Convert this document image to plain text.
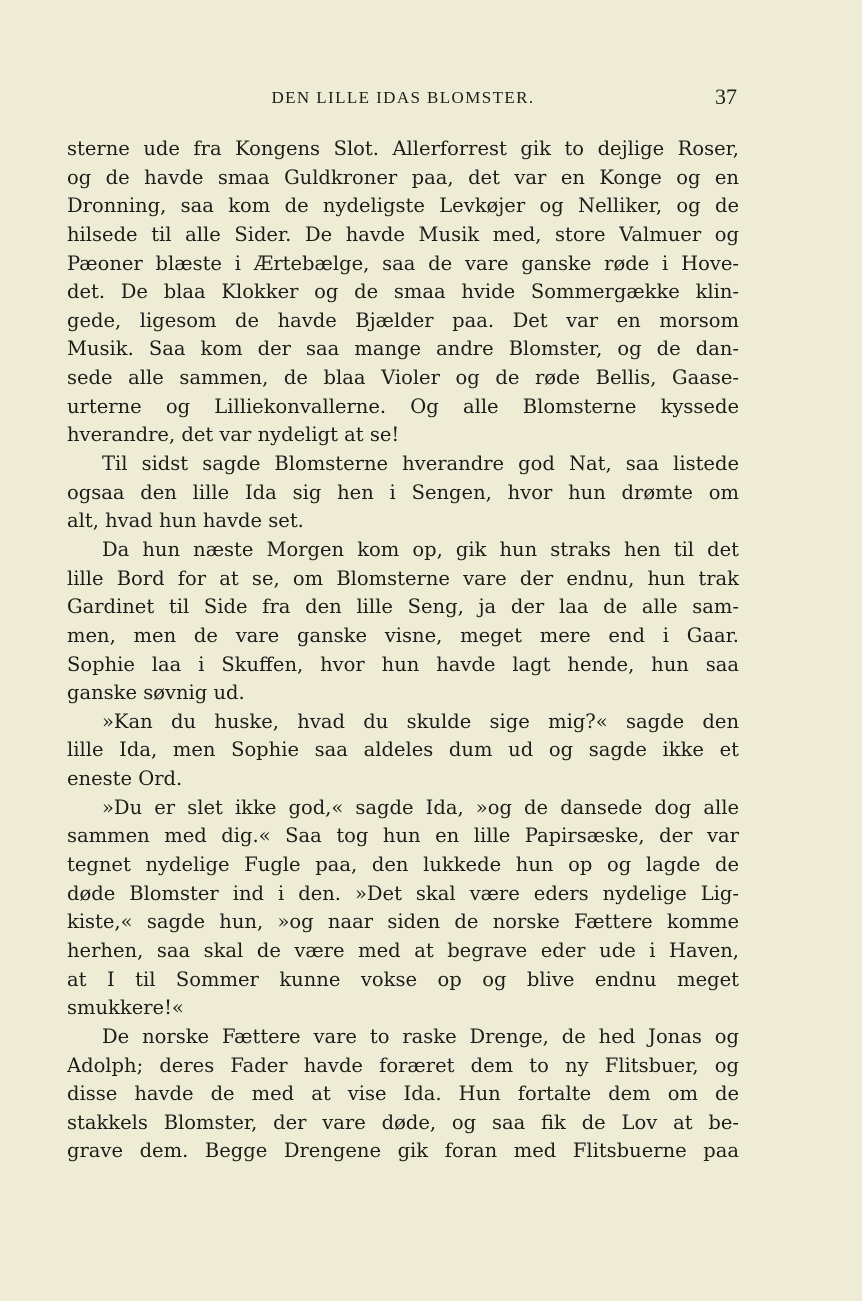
DEN LILLE IDAS BLOMSTER.	37
sterne ude fra Kongens Slot. Allerforrest gik to dejlige Roser,
og de havde smaa Guldkroner paa, det var en Konge og en
Dronning, saa kom de nydeligste Levkøjer og Nelliker, og de
hilsede til alle Sider. De havde Musik med, store Valmuer og
Pæoner blæste i Ærtebælge, saa de vare ganske røde i Hove-
det. De blaa Klokker og de smaa hvide Sommergække klin-
gede, ligesom de havde Bjælder paa. Det var en morsom
Musik. Saa kom der saa mange andre Blomster, og de dan-
sede alle sammen, de blaa Violer og de røde Bellis, Gaase-
urterne og Lilliekonvallerne. Og alle Blomsterne kyssede
hverandre, det var nydeligt at se!
Til sidst sagde Blomsterne hverandre god Nat, saa listede
ogsaa den lille Ida sig hen i Sengen, hvor hun drømte om
alt, hvad hun havde set.
Da hun næste Morgen kom op, gik hun straks hen til det
lille Bord for at se, om Blomsterne vare der endnu, hun trak
Gardinet til Side fra den lille Seng, ja der laa de alle sam-
men, men de vare ganske visne, meget mere end i Gaar.
Sophie laa i Skuffen, hvor hun havde lagt hende, hun saa
ganske søvnig ud.
»Kan du huske, hvad du skulde sige mig?« sagde den
lille Ida, men Sophie saa aldeles dum ud og sagde ikke et
eneste Ord.
»Du er slet ikke god,« sagde Ida, »og de dansede dog alle
sammen med dig.« Saa tog hun en lille Papirsæske, der var
tegnet nydelige Fugle paa, den lukkede hun op og lagde de
døde Blomster ind i den. »Det skal være eders nydelige Lig-
kiste,« sagde hun, »og naar siden de norske Fættere komme
herhen, saa skal de være med at begrave eder ude i Haven,
at I til Sommer kunne vokse op og blive endnu meget
smukkere!«
De norske Fættere vare to raske Drenge, de hed Jonas og
Adolph; deres Fader havde foræret dem to ny Flitsbuer, og
disse havde de med at vise Ida. Hun fortalte dem om de
stakkels Blomster, der vare døde, og saa fik de Lov at be-
grave dem. Begge Drengene gik foran med Flitsbuerne paa
